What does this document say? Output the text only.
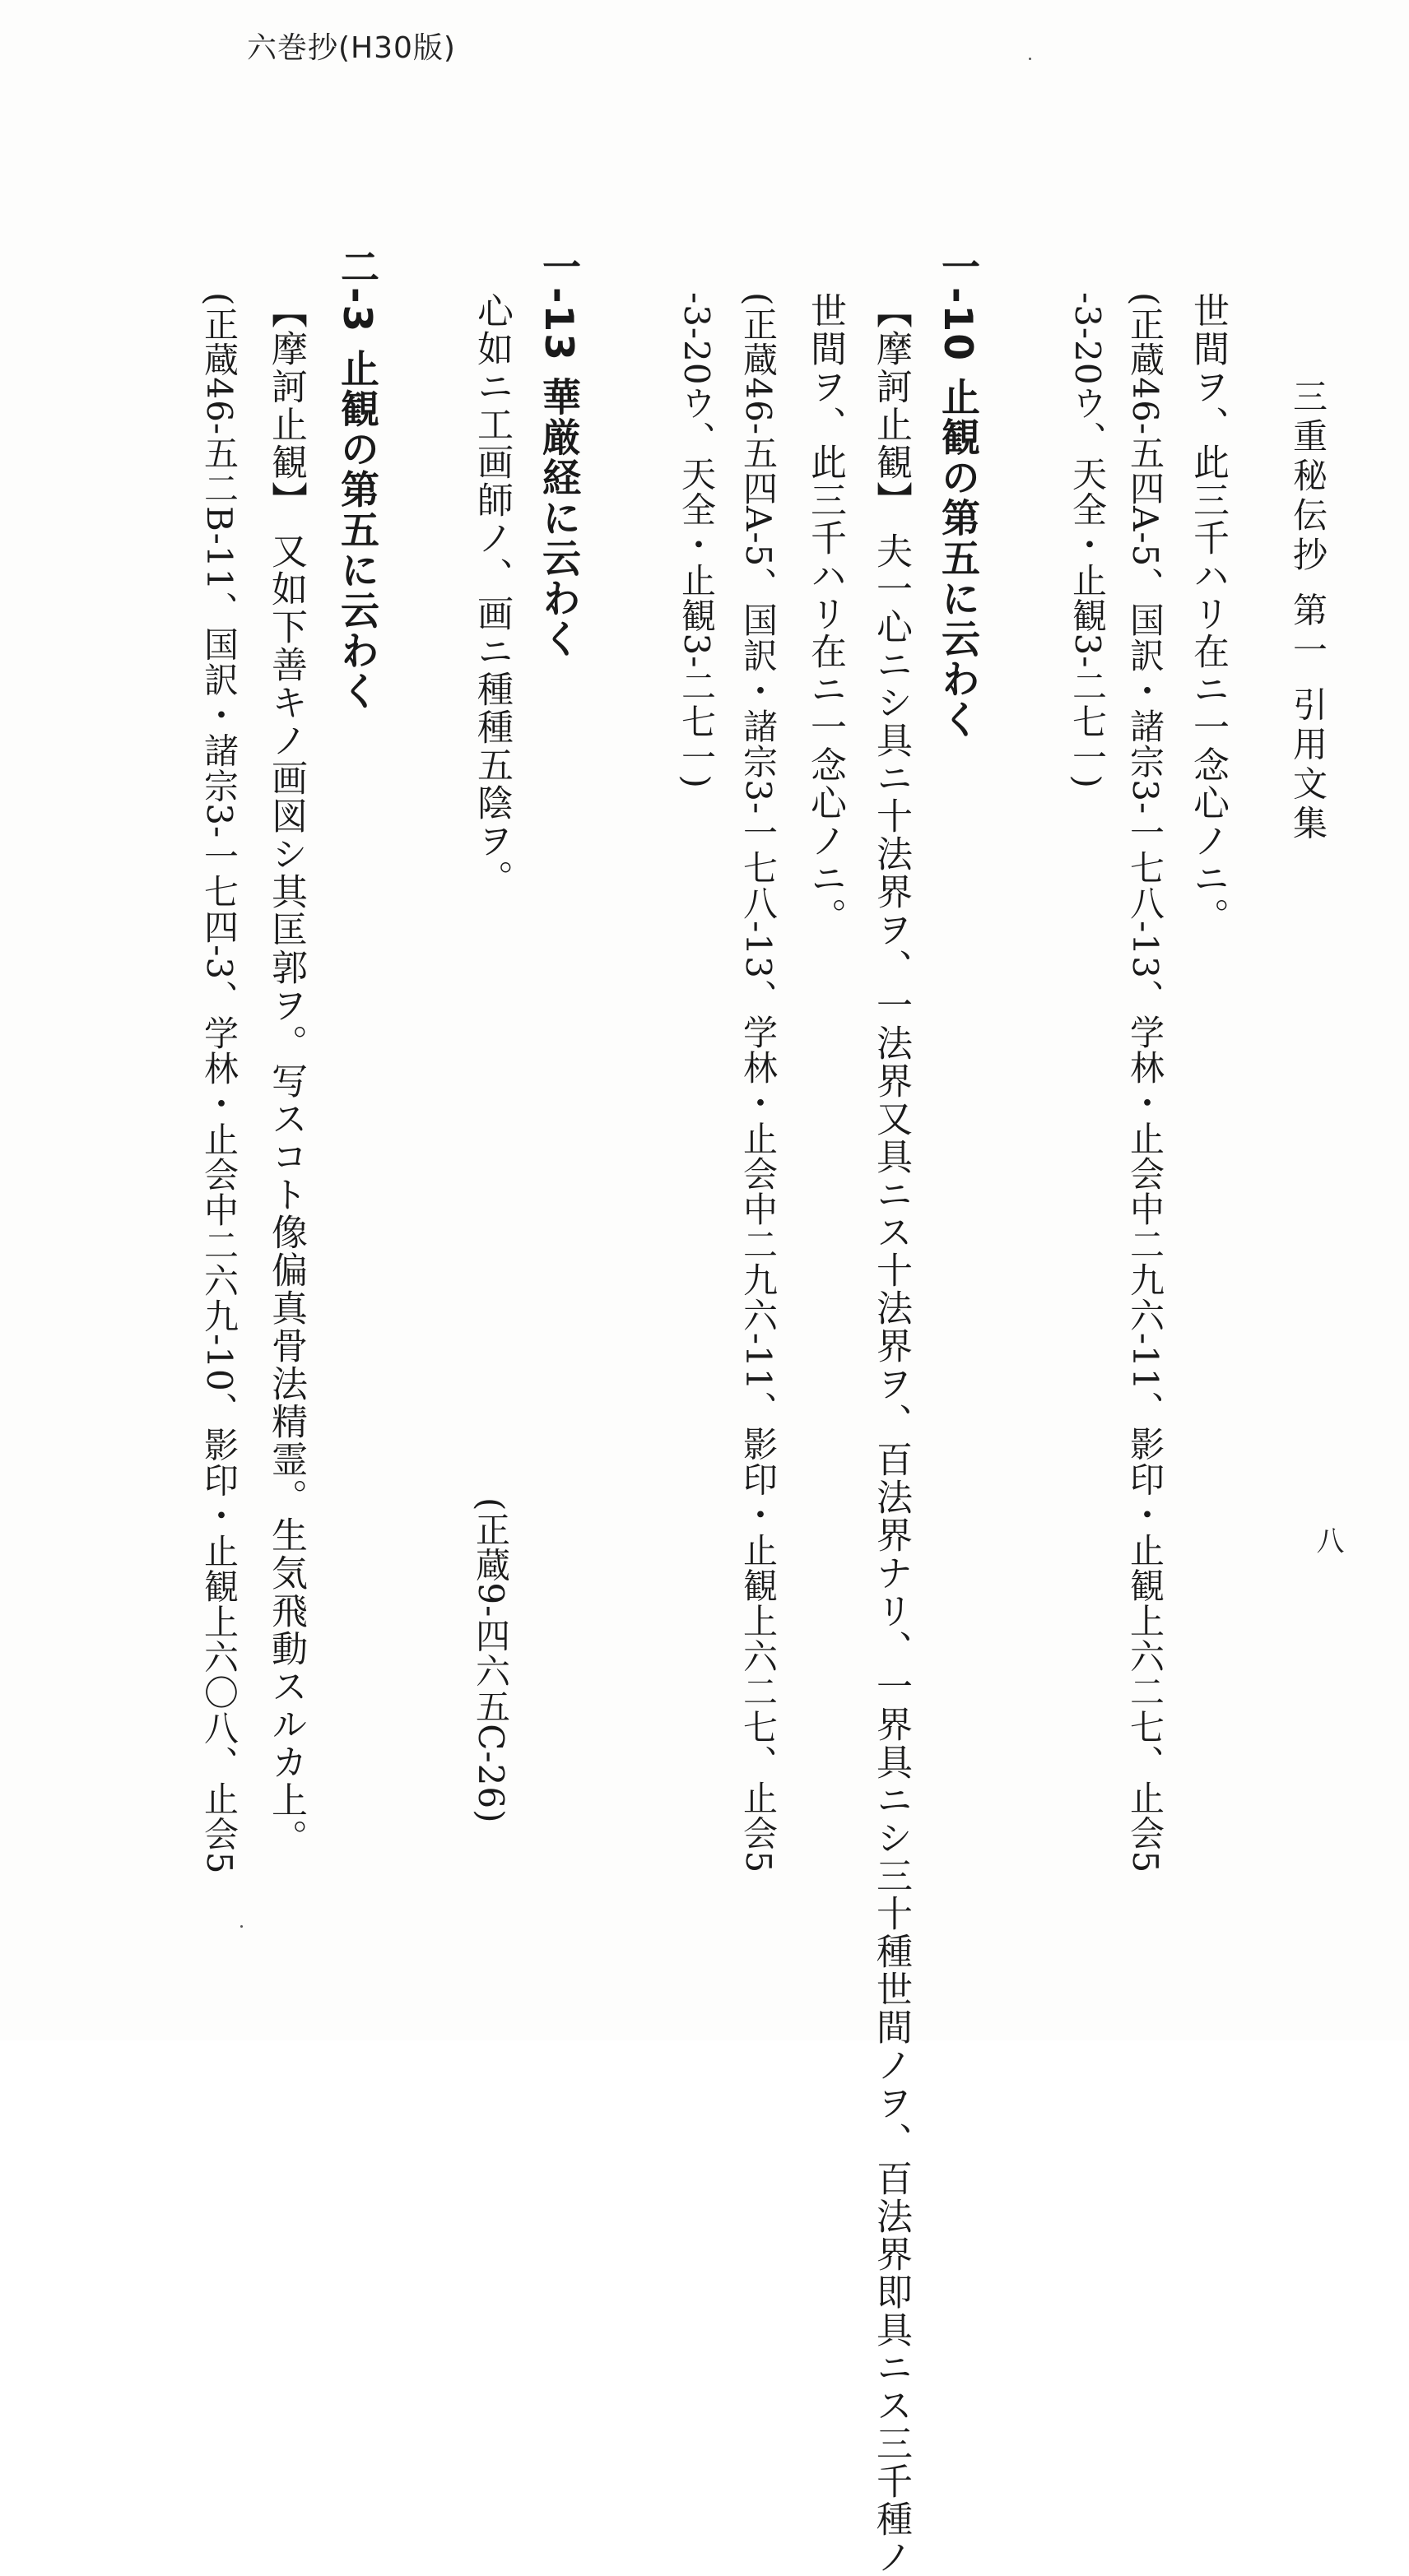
六巻抄(H30版)
八
三重秘伝抄 第一 引用文集
世間ヲ、此三千ハリ在ニ一念心ノニ。
(正蔵46-五四A-5、国訳・諸宗3-一七八-13、学林・止会中二九六-11、影印・止観上六二七、止会5
-3-20ウ、天全・止観3-二七一)
一-10 止観の第五に云わく
【摩訶止観】 夫一心ニシ具ニ十法界ヲ、一法界又具ニス十法界ヲ、百法界ナリ、一界具ニシ三十種世間ノヲ、百法界即具ニス三千種ノ
世間ヲ、此三千ハリ在ニ一念心ノニ。
(正蔵46-五四A-5、国訳・諸宗3-一七八-13、学林・止会中二九六-11、影印・止観上六二七、止会5
-3-20ウ、天全・止観3-二七一)
一-13 華厳経に云わく
心如ニ工画師ノ、画ニ種種五陰ヲ。
(正蔵9-四六五C-26)
二-3 止観の第五に云わく
【摩訶止観】 又如下善キノ画図シ其匡郭ヲ。写スコト像偏真骨法精霊。生気飛動スルカ上。
(正蔵46-五二B-11、国訳・諸宗3-一七四-3、学林・止会中二六九-10、影印・止観上六〇八、止会5
